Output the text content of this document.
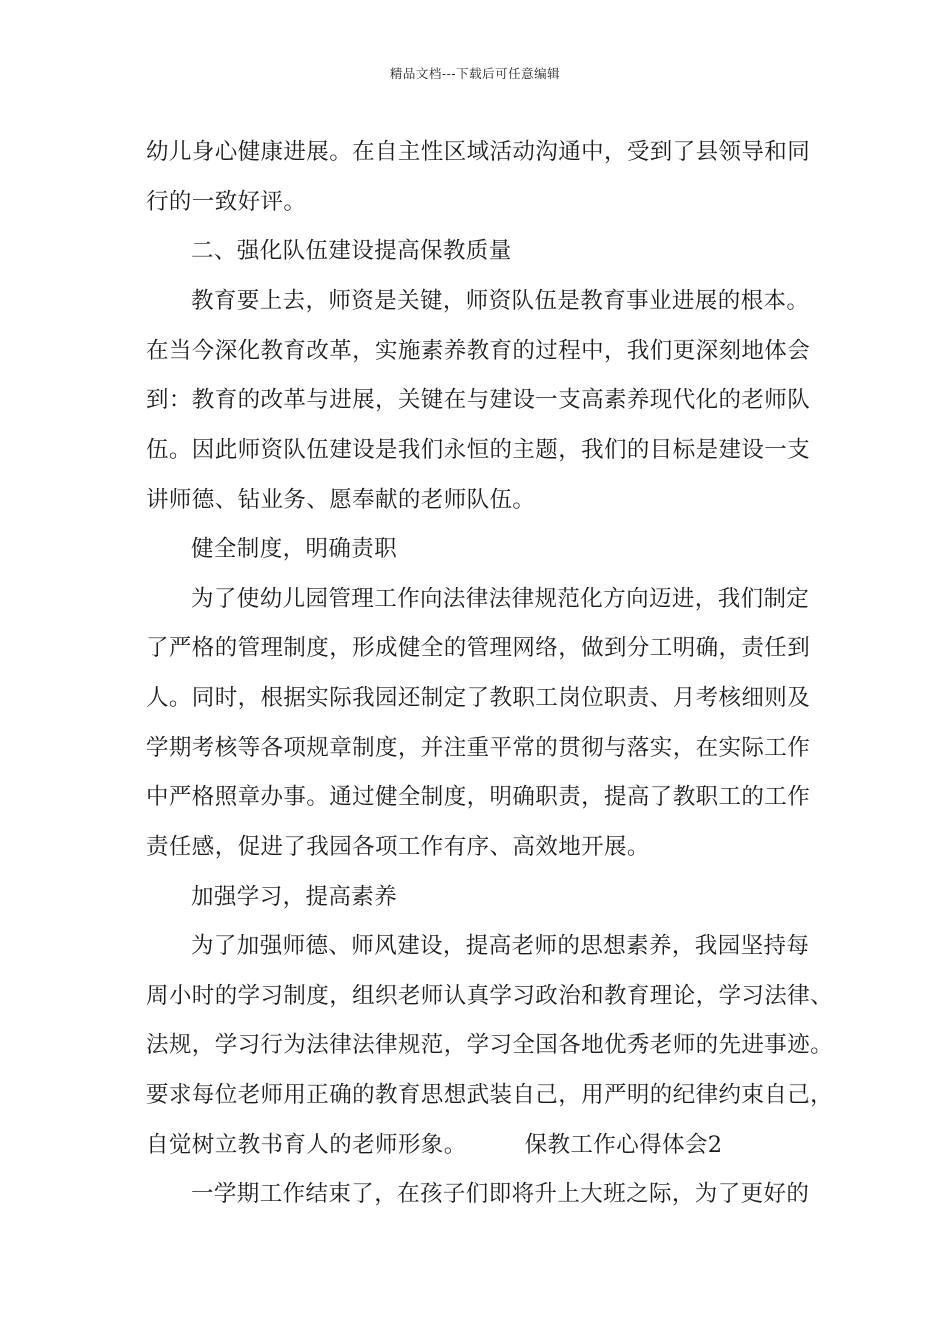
精品文档---下载后可任意编辑
幼儿身心健康进展。在自主性区域活动沟通中，受到了县领导和同
行的一致好评。
二、强化队伍建设提高保教质量
教育要上去，师资是关键，师资队伍是教育事业进展的根本。
在当今深化教育改革，实施素养教育的过程中，我们更深刻地体会
到：教育的改革与进展，关键在与建设一支高素养现代化的老师队
伍。因此师资队伍建设是我们永恒的主题，我们的目标是建设一支
讲师德、钻业务、愿奉献的老师队伍。
健全制度，明确责职
为了使幼儿园管理工作向法律法律规范化方向迈进，我们制定
了严格的管理制度，形成健全的管理网络，做到分工明确，责任到
人。同时，根据实际我园还制定了教职工岗位职责、月考核细则及
学期考核等各项规章制度，并注重平常的贯彻与落实，在实际工作
中严格照章办事。通过健全制度，明确职责，提高了教职工的工作
责任感，促进了我园各项工作有序、高效地开展。
加强学习，提高素养
为了加强师德、师风建设，提高老师的思想素养，我园坚持每
周小时的学习制度，组织老师认真学习政治和教育理论，学习法律、
法规，学习行为法律法律规范，学习全国各地优秀老师的先进事迹。
要求每位老师用正确的教育思想武装自己，用严明的纪律约束自己，
自觉树立教书育人的老师形象。	保教工作心得体会2
一学期工作结束了，在孩子们即将升上大班之际，为了更好的
